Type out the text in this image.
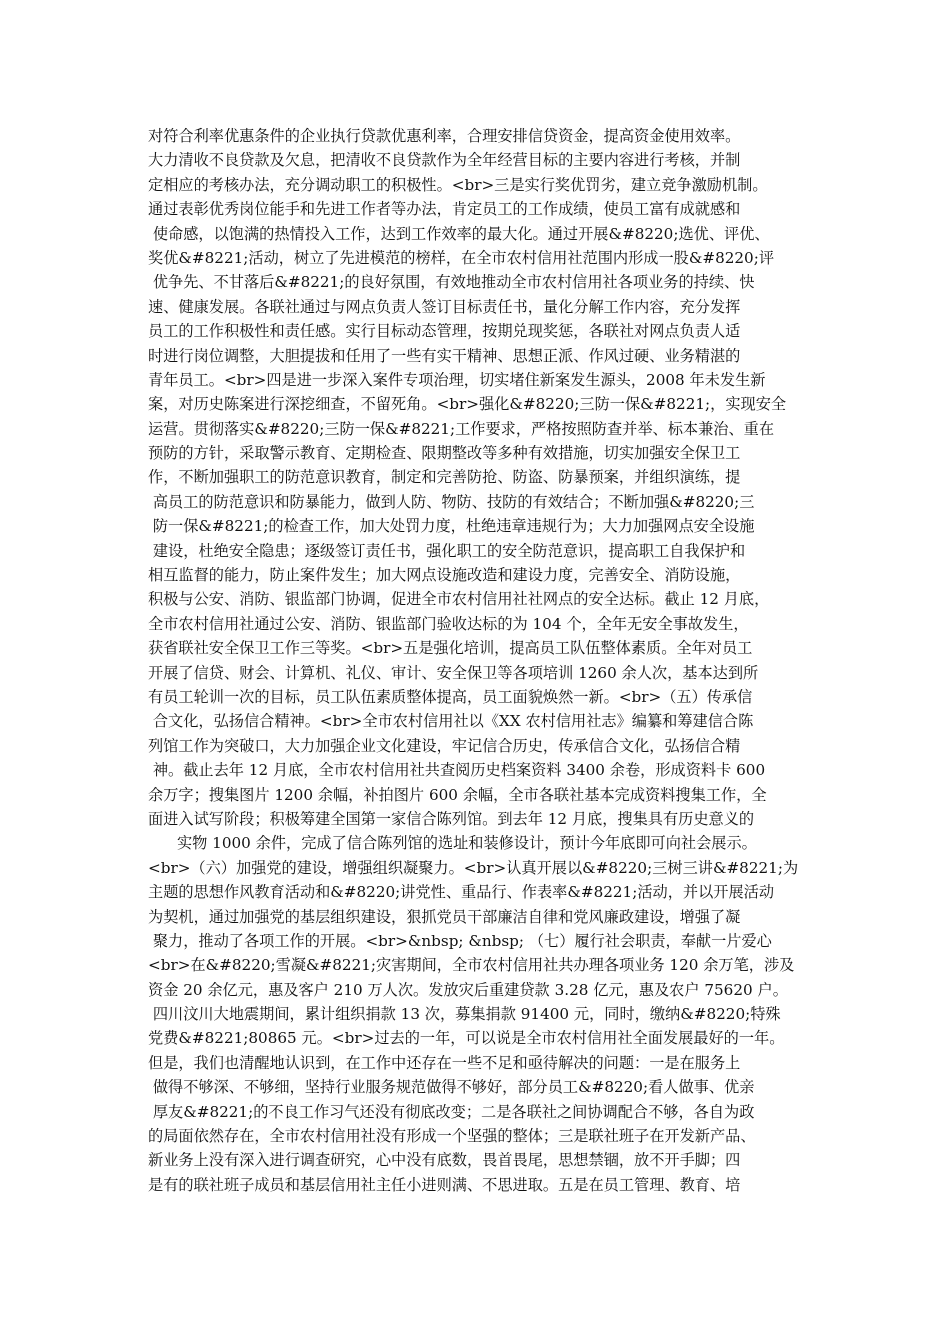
对符合利率优惠条件的企业执行贷款优惠利率，合理安排信贷资金，提高资金使用效率。
大力清收不良贷款及欠息，把清收不良贷款作为全年经营目标的主要内容进行考核，并制
定相应的考核办法，充分调动职工的积极性。<br>三是实行奖优罚劣，建立竞争激励机制。
通过表彰优秀岗位能手和先进工作者等办法，肯定员工的工作成绩，使员工富有成就感和
使命感，以饱满的热情投入工作，达到工作效率的最大化。通过开展&#8220;选优、评优、
奖优&#8221;活动，树立了先进模范的榜样，在全市农村信用社范围内形成一股&#8220;评
优争先、不甘落后&#8221;的良好氛围，有效地推动全市农村信用社各项业务的持续、快
速、健康发展。各联社通过与网点负责人签订目标责任书，量化分解工作内容，充分发挥
员工的工作积极性和责任感。实行目标动态管理，按期兑现奖惩，各联社对网点负责人适
时进行岗位调整，大胆提拔和任用了一些有实干精神、思想正派、作风过硬、业务精湛的
青年员工。<br>四是进一步深入案件专项治理，切实堵住新案发生源头，2008 年未发生新
案，对历史陈案进行深挖细查，不留死角。<br>强化&#8220;三防一保&#8221;，实现安全
运营。贯彻落实&#8220;三防一保&#8221;工作要求，严格按照防查并举、标本兼治、重在
预防的方针，采取警示教育、定期检查、限期整改等多种有效措施，切实加强安全保卫工
作，不断加强职工的防范意识教育，制定和完善防抢、防盗、防暴预案，并组织演练，提
高员工的防范意识和防暴能力，做到人防、物防、技防的有效结合；不断加强&#8220;三
防一保&#8221;的检查工作，加大处罚力度，杜绝违章违规行为；大力加强网点安全设施
建设，杜绝安全隐患；逐级签订责任书，强化职工的安全防范意识，提高职工自我保护和
相互监督的能力，防止案件发生；加大网点设施改造和建设力度，完善安全、消防设施，
积极与公安、消防、银监部门协调，促进全市农村信用社社网点的安全达标。截止 12 月底，
全市农村信用社通过公安、消防、银监部门验收达标的为 104 个，全年无安全事故发生，
获省联社安全保卫工作三等奖。<br>五是强化培训，提高员工队伍整体素质。全年对员工
开展了信贷、财会、计算机、礼仪、审计、安全保卫等各项培训 1260 余人次，基本达到所
有员工轮训一次的目标，员工队伍素质整体提高，员工面貌焕然一新。<br>（五）传承信
合文化，弘扬信合精神。<br>全市农村信用社以《XX 农村信用社志》编纂和筹建信合陈
列馆工作为突破口，大力加强企业文化建设，牢记信合历史，传承信合文化，弘扬信合精
神。截止去年 12 月底，全市农村信用社共查阅历史档案资料 3400 余卷，形成资料卡 600
余万字；搜集图片 1200 余幅，补拍图片 600 余幅，全市各联社基本完成资料搜集工作，全
面进入试写阶段；积极筹建全国第一家信合陈列馆。到去年 12 月底，搜集具有历史意义的
实物 1000 余件，完成了信合陈列馆的选址和装修设计，预计今年底即可向社会展示。
<br>（六）加强党的建设，增强组织凝聚力。<br>认真开展以&#8220;三树三讲&#8221;为
主题的思想作风教育活动和&#8220;讲党性、重品行、作表率&#8221;活动，并以开展活动
为契机，通过加强党的基层组织建设，狠抓党员干部廉洁自律和党风廉政建设，增强了凝
聚力，推动了各项工作的开展。<br>&nbsp; &nbsp; （七）履行社会职责，奉献一片爱心
<br>在&#8220;雪凝&#8221;灾害期间，全市农村信用社共办理各项业务 120 余万笔，涉及
资金 20 余亿元，惠及客户 210 万人次。发放灾后重建贷款 3.28 亿元，惠及农户 75620 户。
四川汶川大地震期间，累计组织捐款 13 次，募集捐款 91400 元，同时，缴纳&#8220;特殊
党费&#8221;80865 元。<br>过去的一年，可以说是全市农村信用社全面发展最好的一年。
但是，我们也清醒地认识到，在工作中还存在一些不足和亟待解决的问题：一是在服务上
做得不够深、不够细，坚持行业服务规范做得不够好，部分员工&#8220;看人做事、优亲
厚友&#8221;的不良工作习气还没有彻底改变；二是各联社之间协调配合不够，各自为政
的局面依然存在，全市农村信用社没有形成一个坚强的整体；三是联社班子在开发新产品、
新业务上没有深入进行调查研究，心中没有底数，畏首畏尾，思想禁锢，放不开手脚；四
是有的联社班子成员和基层信用社主任小进则满、不思进取。五是在员工管理、教育、培
